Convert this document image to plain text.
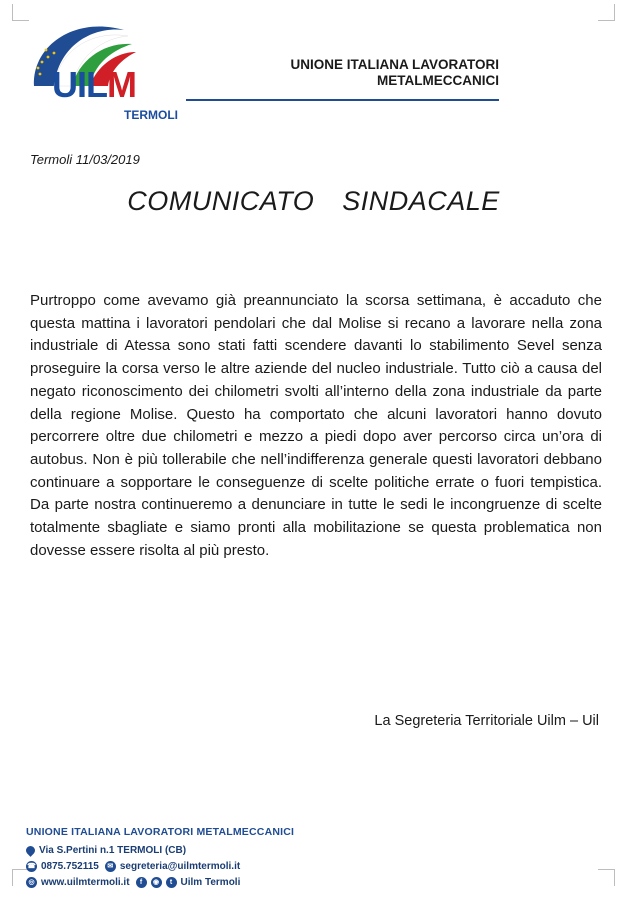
UILM
TERMOLI
UNIONE ITALIANA LAVORATORI
METALMECCANICI
Termoli 11/03/2019
COMUNICATO  SINDACALE
Purtroppo come avevamo già preannunciato la scorsa settimana, è accaduto che questa mattina i lavoratori pendolari che dal Molise si recano a lavorare nella zona industriale di Atessa sono stati fatti scendere davanti lo stabilimento Sevel senza proseguire la corsa verso le altre aziende del nucleo industriale. Tutto ciò a causa del negato riconoscimento dei chilometri svolti all’interno della zona industriale da parte della regione Molise. Questo ha comportato che alcuni lavoratori hanno dovuto percorrere oltre due chilometri e mezzo a piedi dopo aver percorso circa un’ora di autobus. Non è più tollerabile che nell’indifferenza generale questi lavoratori debbano continuare a sopportare le conseguenze di scelte politiche errate o fuori tempistica. Da parte nostra continueremo a denunciare in tutte le sedi le incongruenze di scelte totalmente sbagliate e siamo pronti alla mobilitazione se questa problematica non dovesse essere risolta al più presto.
La Segreteria Territoriale Uilm – Uil
UNIONE ITALIANA LAVORATORI METALMECCANICI
Via S.Pertini n.1 TERMOLI (CB)
☎ 0875.752115	✉ segreteria@uilmtermoli.it
◎ www.uilmtermoli.it	f	◉	t Uilm Termoli
